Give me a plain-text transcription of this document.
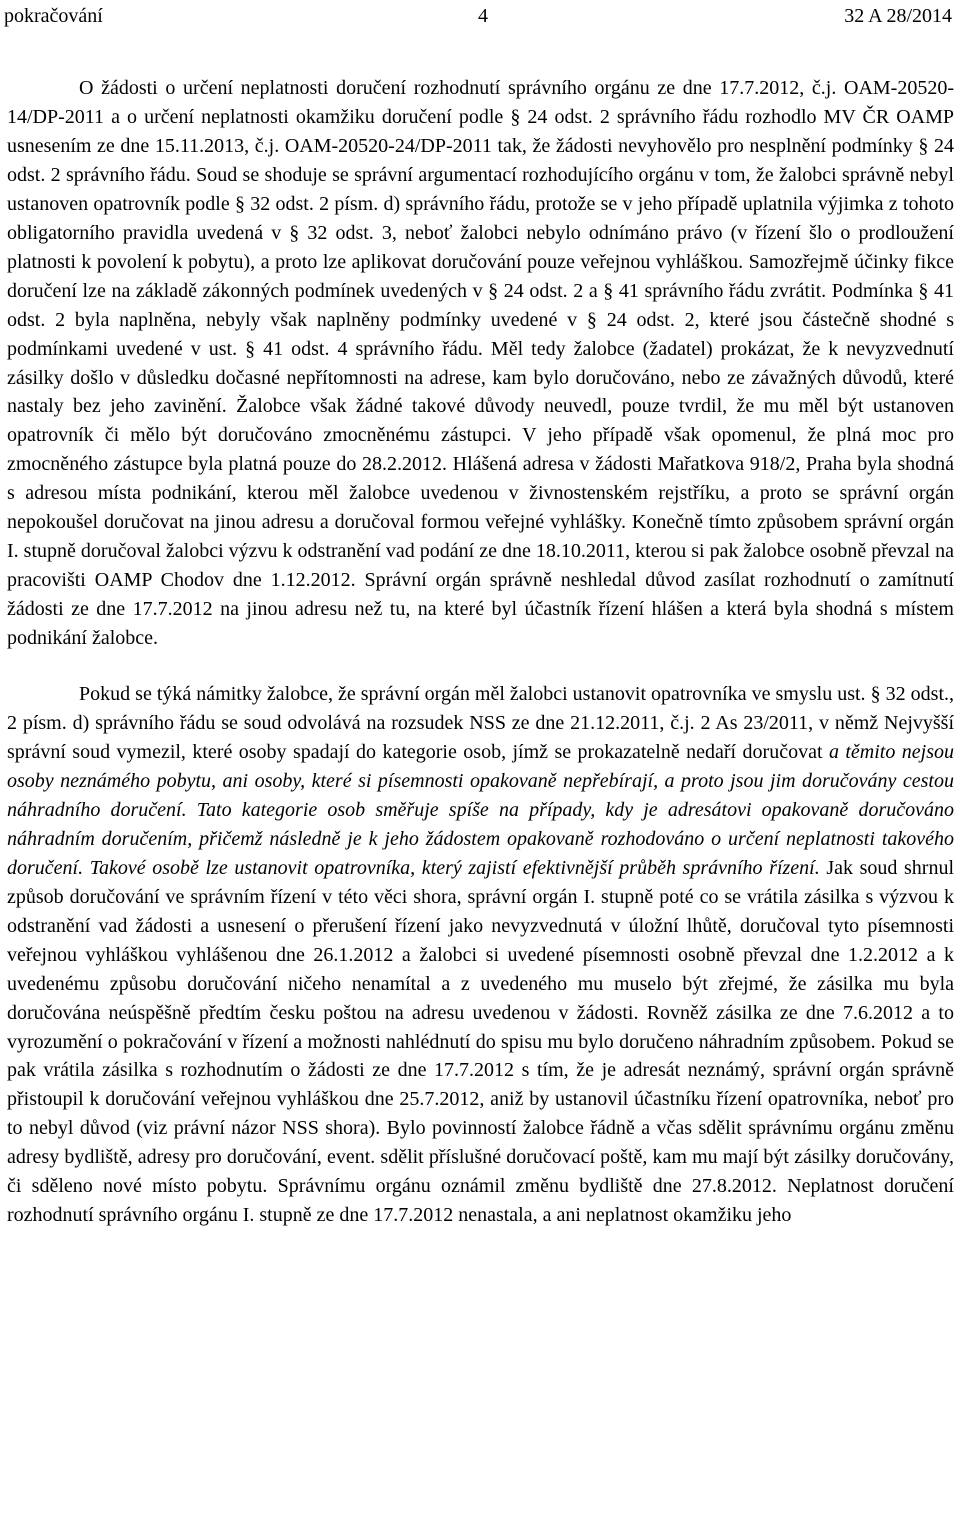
pokračování	4	32 A 28/2014

O žádosti o určení neplatnosti doručení rozhodnutí správního orgánu ze dne 17.7.2012, č.j. OAM-20520-14/DP-2011 a o určení neplatnosti okamžiku doručení podle § 24 odst. 2 správního řádu rozhodlo MV ČR OAMP usnesením ze dne 15.11.2013, č.j. OAM-20520-24/DP-2011 tak, že žádosti nevyhovělo pro nesplnění podmínky § 24 odst. 2 správního řádu. Soud se shoduje se správní argumentací rozhodujícího orgánu v tom, že žalobci správně nebyl ustanoven opatrovník podle § 32 odst. 2 písm. d) správního řádu, protože se v jeho případě uplatnila výjimka z tohoto obligatorního pravidla uvedená v § 32 odst. 3, neboť žalobci nebylo odnímáno právo (v řízení šlo o prodloužení platnosti k povolení k pobytu), a proto lze aplikovat doručování pouze veřejnou vyhláškou. Samozřejmě účinky fikce doručení lze na základě zákonných podmínek uvedených v § 24 odst. 2 a § 41 správního řádu zvrátit. Podmínka § 41 odst. 2 byla naplněna, nebyly však naplněny podmínky uvedené v § 24 odst. 2, které jsou částečně shodné s podmínkami uvedené v ust. § 41 odst. 4 správního řádu. Měl tedy žalobce (žadatel) prokázat, že k nevyzvednutí zásilky došlo v důsledku dočasné nepřítomnosti na adrese, kam bylo doručováno, nebo ze závažných důvodů, které nastaly bez jeho zavinění. Žalobce však žádné takové důvody neuvedl, pouze tvrdil, že mu měl být ustanoven opatrovník či mělo být doručováno zmocněnému zástupci. V jeho případě však opomenul, že plná moc pro zmocněného zástupce byla platná pouze do 28.2.2012. Hlášená adresa v žádosti Mařatkova 918/2, Praha byla shodná s adresou místa podnikání, kterou měl žalobce uvedenou v živnostenském rejstříku, a proto se správní orgán nepokoušel doručovat na jinou adresu a doručoval formou veřejné vyhlášky. Konečně tímto způsobem správní orgán I. stupně doručoval žalobci výzvu k odstranění vad podání ze dne 18.10.2011, kterou si pak žalobce osobně převzal na pracovišti OAMP Chodov dne 1.12.2012. Správní orgán správně neshledal důvod zasílat rozhodnutí o zamítnutí žádosti ze dne 17.7.2012 na jinou adresu než tu, na které byl účastník řízení hlášen a která byla shodná s místem podnikání žalobce.

Pokud se týká námitky žalobce, že správní orgán měl žalobci ustanovit opatrovníka ve smyslu ust. § 32 odst., 2 písm. d) správního řádu se soud odvolává na rozsudek NSS ze dne 21.12.2011, č.j. 2 As 23/2011, v němž Nejvyšší správní soud vymezil, které osoby spadají do kategorie osob, jímž se prokazatelně nedaří doručovat a těmito nejsou osoby neznámého pobytu, ani osoby, které si písemnosti opakovaně nepřebírají, a proto jsou jim doručovány cestou náhradního doručení. Tato kategorie osob směřuje spíše na případy, kdy je adresátovi opakovaně doručováno náhradním doručením, přičemž následně je k jeho žádostem opakovaně rozhodováno o určení neplatnosti takového doručení. Takové osobě lze ustanovit opatrovníka, který zajistí efektivnější průběh správního řízení. Jak soud shrnul způsob doručování ve správním řízení v této věci shora, správní orgán I. stupně poté co se vrátila zásilka s výzvou k odstranění vad žádosti a usnesení o přerušení řízení jako nevyzvednutá v úložní lhůtě, doručoval tyto písemnosti veřejnou vyhláškou vyhlášenou dne 26.1.2012 a žalobci si uvedené písemnosti osobně převzal dne 1.2.2012 a k uvedenému způsobu doručování ničeho nenamítal a z uvedeného mu muselo být zřejmé, že zásilka mu byla doručována neúspěšně předtím česku poštou na adresu uvedenou v žádosti. Rovněž zásilka ze dne 7.6.2012 a to vyrozumění o pokračování v řízení a možnosti nahlédnutí do spisu mu bylo doručeno náhradním způsobem. Pokud se pak vrátila zásilka s rozhodnutím o žádosti ze dne 17.7.2012 s tím, že je adresát neznámý, správní orgán správně přistoupil k doručování veřejnou vyhláškou dne 25.7.2012, aniž by ustanovil účastníku řízení opatrovníka, neboť pro to nebyl důvod (viz právní názor NSS shora). Bylo povinností žalobce řádně a včas sdělit správnímu orgánu změnu adresy bydliště, adresy pro doručování, event. sdělit příslušné doručovací poště, kam mu mají být zásilky doručovány, či sděleno nové místo pobytu. Správnímu orgánu oznámil změnu bydliště dne 27.8.2012. Neplatnost doručení rozhodnutí správního orgánu I. stupně ze dne 17.7.2012 nenastala, a ani neplatnost okamžiku jeho
